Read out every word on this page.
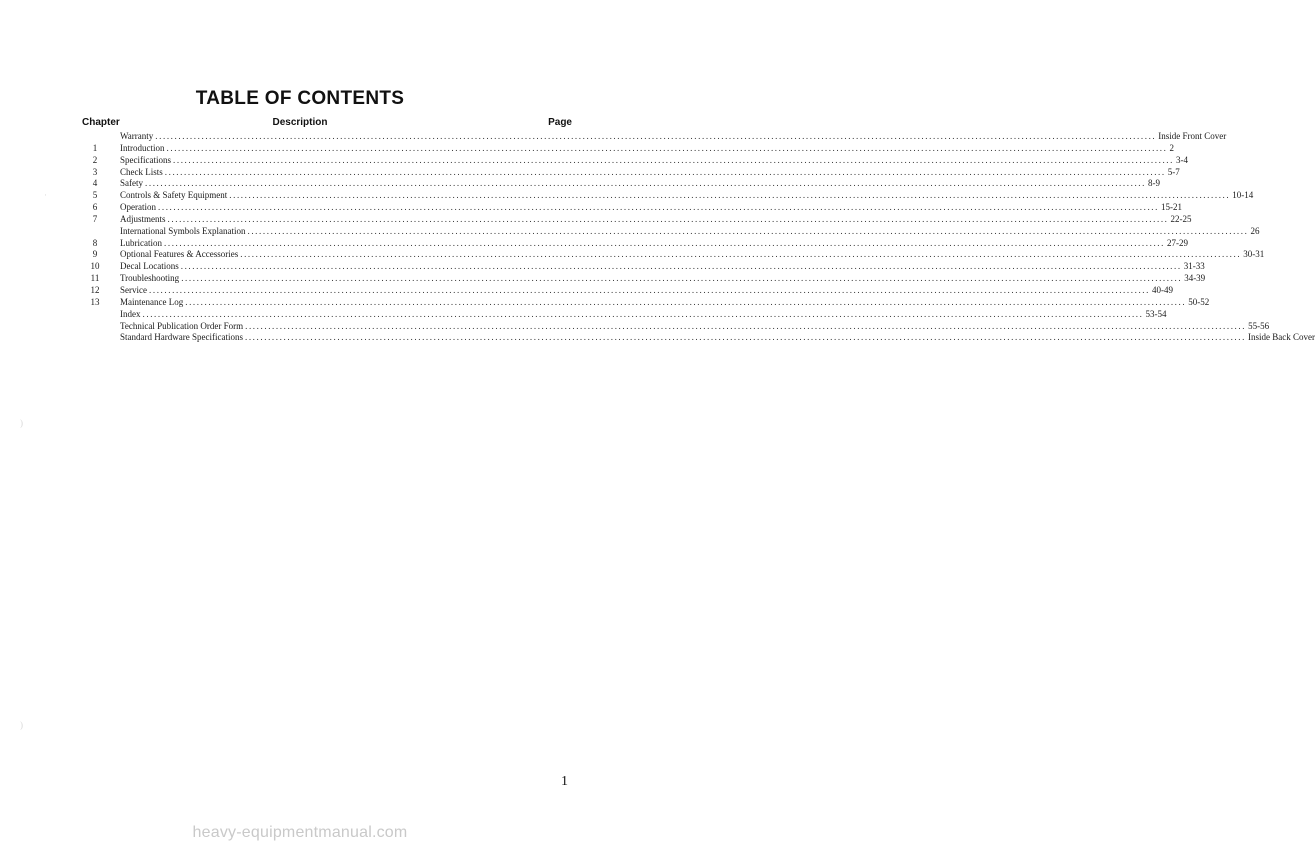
TABLE OF CONTENTS
Chapter	Description	Page
Warranty .................................................................................................................................................................................................................................................................... Inside Front Cover
1	Introduction .................................................................................................................................................................................................................................................................... 2
2	Specifications .................................................................................................................................................................................................................................................................... 3-4
3	Check Lists .................................................................................................................................................................................................................................................................... 5-7
4	Safety .................................................................................................................................................................................................................................................................... 8-9
5	Controls & Safety Equipment .................................................................................................................................................................................................................................................................... 10-14
6	Operation .................................................................................................................................................................................................................................................................... 15-21
7	Adjustments .................................................................................................................................................................................................................................................................... 22-25
International Symbols Explanation .................................................................................................................................................................................................................................................................... 26
8	Lubrication .................................................................................................................................................................................................................................................................... 27-29
9	Optional Features & Accessories .................................................................................................................................................................................................................................................................... 30-31
10	Decal Locations .................................................................................................................................................................................................................................................................... 31-33
11	Troubleshooting .................................................................................................................................................................................................................................................................... 34-39
12	Service .................................................................................................................................................................................................................................................................... 40-49
13	Maintenance Log .................................................................................................................................................................................................................................................................... 50-52
Index .................................................................................................................................................................................................................................................................... 53-54
Technical Publication Order Form .................................................................................................................................................................................................................................................................... 55-56
Standard Hardware Specifications .................................................................................................................................................................................................................................................................... Inside Back Cover
·
)
)
1
heavy-equipmentmanual.com
